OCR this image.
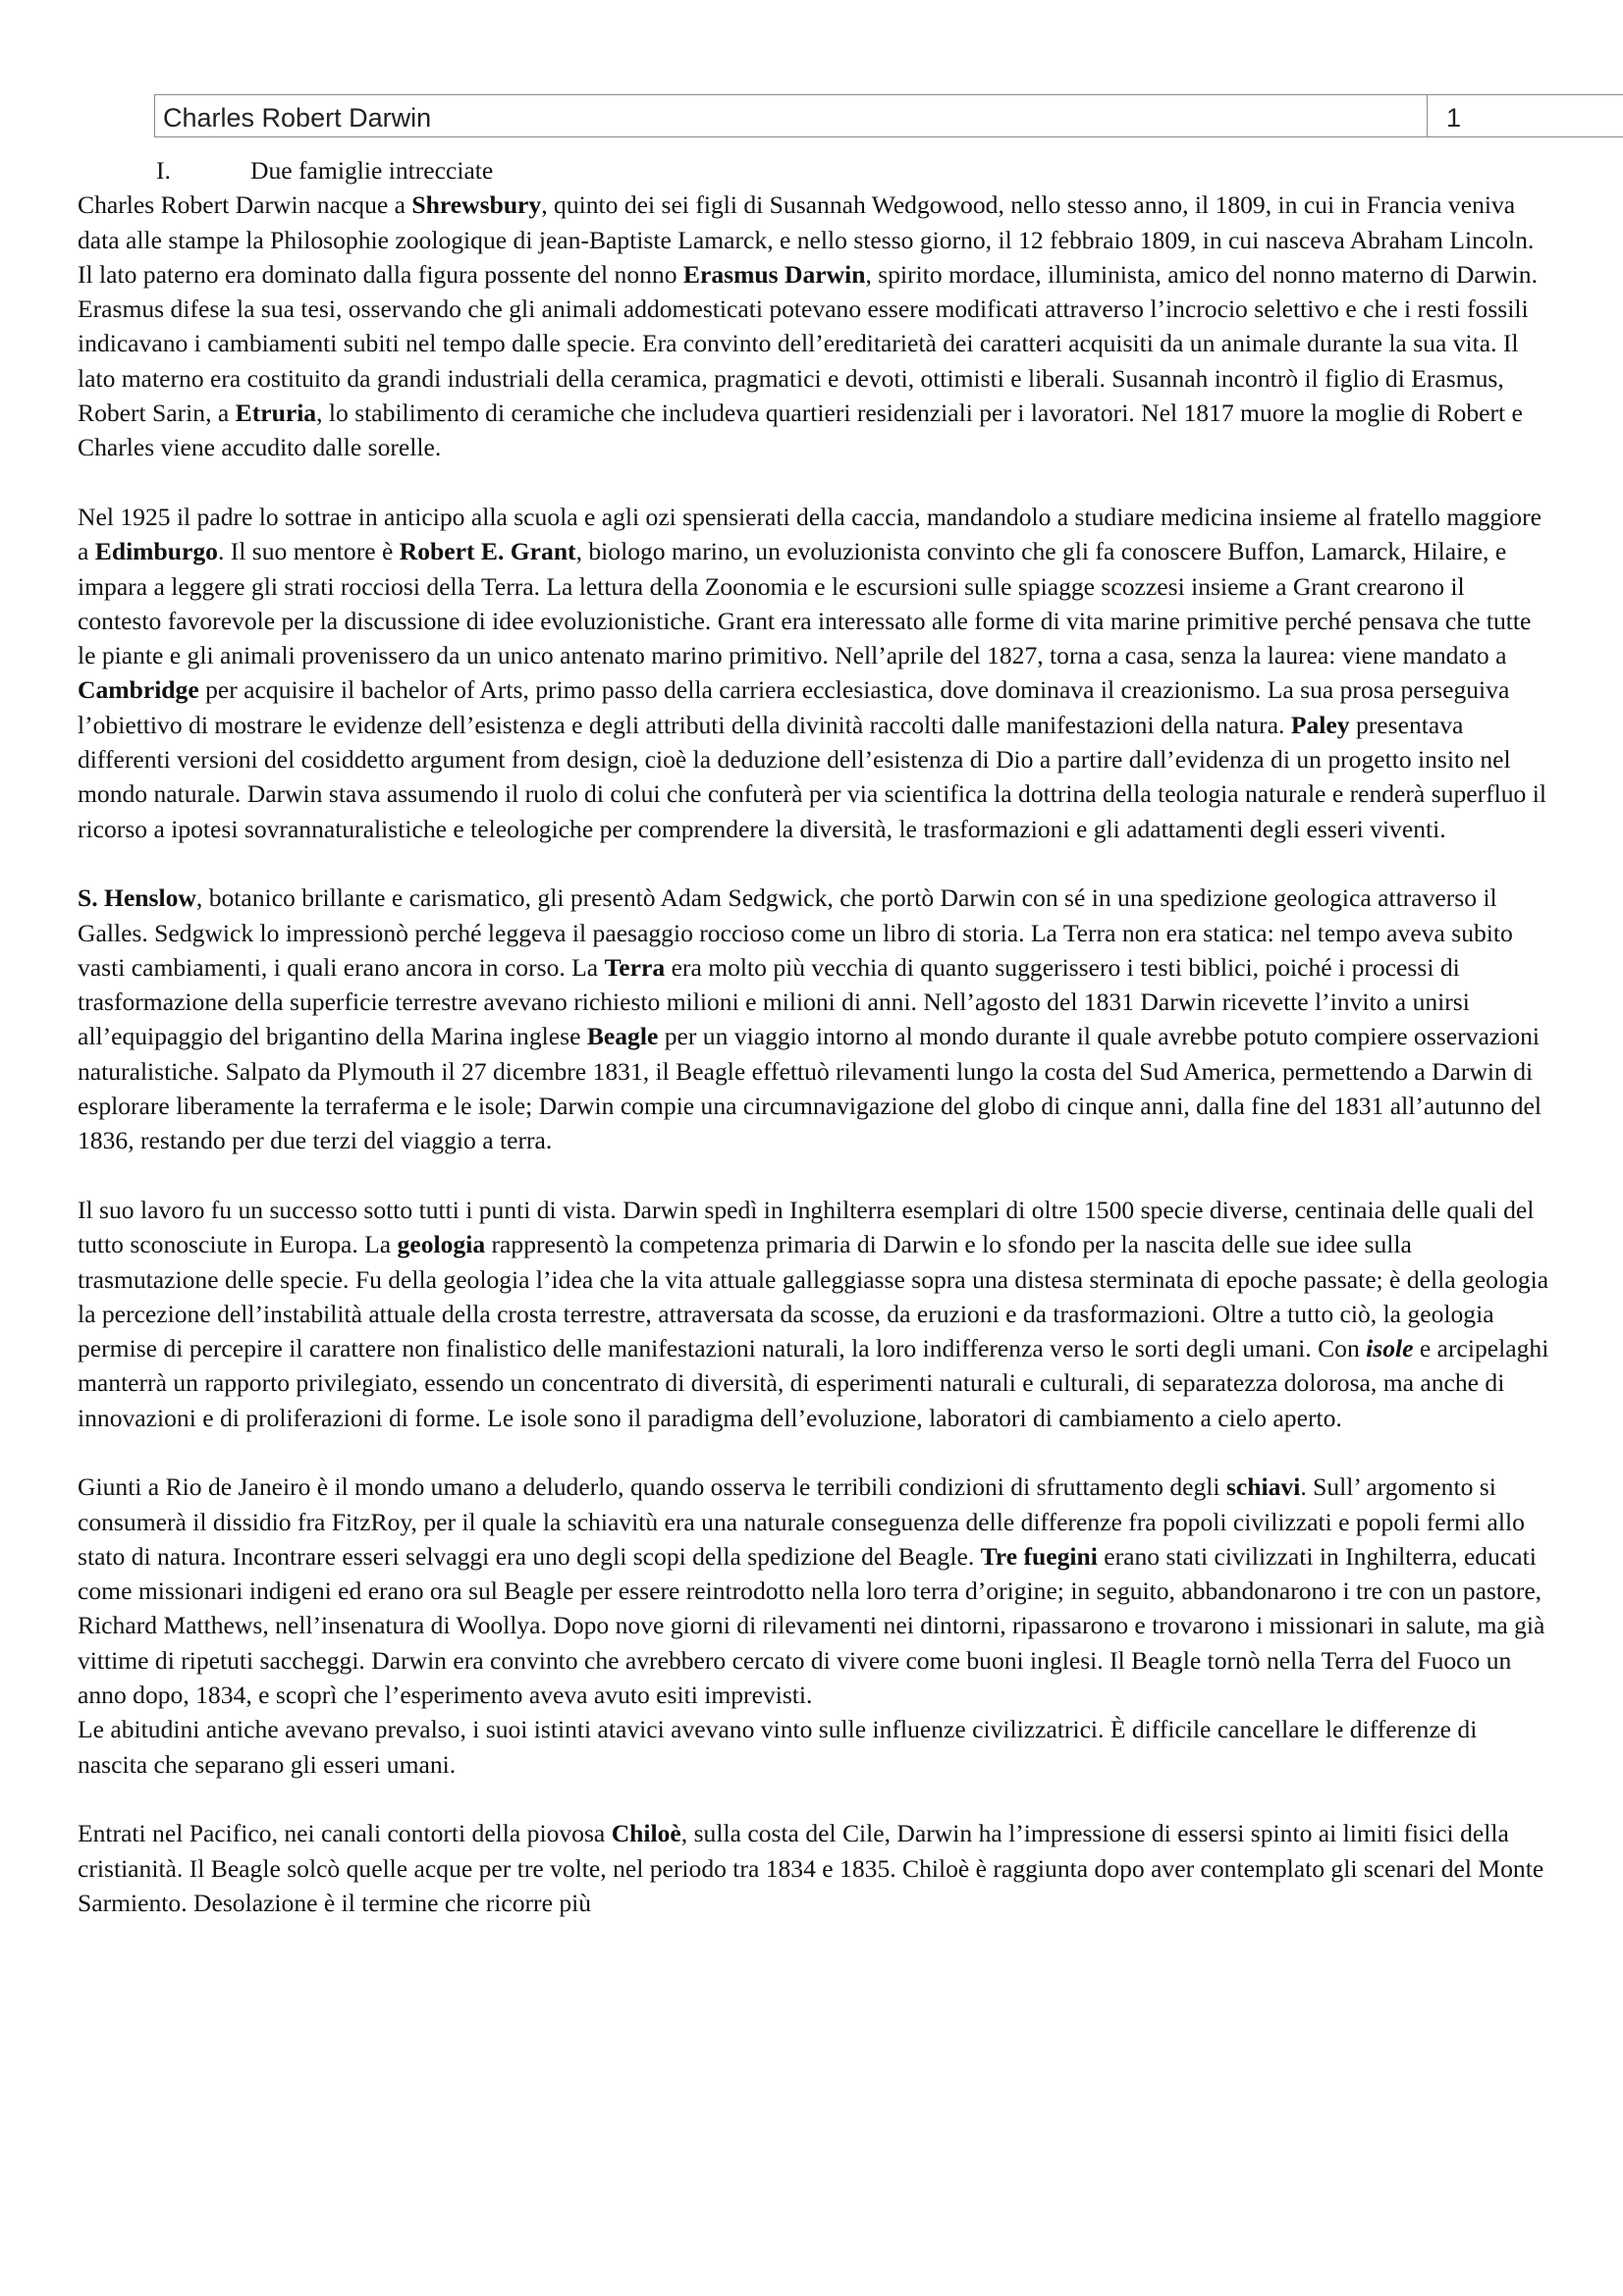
Charles Robert Darwin	1
I.	Due famiglie intrecciate

Charles Robert Darwin nacque a Shrewsbury, quinto dei sei figli di Susannah Wedgowood, nello stesso anno, il 1809, in cui in Francia veniva data alle stampe la Philosophie zoologique di jean-Baptiste Lamarck, e nello stesso giorno, il 12 febbraio 1809, in cui nasceva Abraham Lincoln. Il lato paterno era dominato dalla figura possente del nonno Erasmus Darwin, spirito mordace, illuminista, amico del nonno materno di Darwin. Erasmus difese la sua tesi, osservando che gli animali addomesticati potevano essere modificati attraverso l’incrocio selettivo e che i resti fossili indicavano i cambiamenti subiti nel tempo dalle specie. Era convinto dell’ereditarietà dei caratteri acquisiti da un animale durante la sua vita. Il lato materno era costituito da grandi industriali della ceramica, pragmatici e devoti, ottimisti e liberali. Susannah incontrò il figlio di Erasmus, Robert Sarin, a Etruria, lo stabilimento di ceramiche che includeva quartieri residenziali per i lavoratori. Nel 1817 muore la moglie di Robert e Charles viene accudito dalle sorelle.

Nel 1925 il padre lo sottrae in anticipo alla scuola e agli ozi spensierati della caccia, mandandolo a studiare medicina insieme al fratello maggiore a Edimburgo. Il suo mentore è Robert E. Grant, biologo marino, un evoluzionista convinto che gli fa conoscere Buffon, Lamarck, Hilaire, e impara a leggere gli strati rocciosi della Terra. La lettura della Zoonomia e le escursioni sulle spiagge scozzesi insieme a Grant crearono il contesto favorevole per la discussione di idee evoluzionistiche. Grant era interessato alle forme di vita marine primitive perché pensava che tutte le piante e gli animali provenissero da un unico antenato marino primitivo. Nell’aprile del 1827, torna a casa, senza la laurea: viene mandato a Cambridge per acquisire il bachelor of Arts, primo passo della carriera ecclesiastica, dove dominava il creazionismo. La sua prosa perseguiva l’obiettivo di mostrare le evidenze dell’esistenza e degli attributi della divinità raccolti dalle manifestazioni della natura. Paley presentava differenti versioni del cosiddetto argument from design, cioè la deduzione dell’esistenza di Dio a partire dall’evidenza di un progetto insito nel mondo naturale. Darwin stava assumendo il ruolo di colui che confuterà per via scientifica la dottrina della teologia naturale e renderà superfluo il ricorso a ipotesi sovrannaturalistiche e teleologiche per comprendere la diversità, le trasformazioni e gli adattamenti degli esseri viventi.

S. Henslow, botanico brillante e carismatico, gli presentò Adam Sedgwick, che portò Darwin con sé in una spedizione geologica attraverso il Galles. Sedgwick lo impressionò perché leggeva il paesaggio roccioso come un libro di storia. La Terra non era statica: nel tempo aveva subito vasti cambiamenti, i quali erano ancora in corso. La Terra era molto più vecchia di quanto suggerissero i testi biblici, poiché i processi di trasformazione della superficie terrestre avevano richiesto milioni e milioni di anni. Nell’agosto del 1831 Darwin ricevette l’invito a unirsi all’equipaggio del brigantino della Marina inglese Beagle per un viaggio intorno al mondo durante il quale avrebbe potuto compiere osservazioni naturalistiche. Salpato da Plymouth il 27 dicembre 1831, il Beagle effettuò rilevamenti lungo la costa del Sud America, permettendo a Darwin di esplorare liberamente la terraferma e le isole; Darwin compie una circumnavigazione del globo di cinque anni, dalla fine del 1831 all’autunno del 1836, restando per due terzi del viaggio a terra.

Il suo lavoro fu un successo sotto tutti i punti di vista. Darwin spedì in Inghilterra esemplari di oltre 1500 specie diverse, centinaia delle quali del tutto sconosciute in Europa. La geologia rappresentò la competenza primaria di Darwin e lo sfondo per la nascita delle sue idee sulla trasmutazione delle specie. Fu della geologia l’idea che la vita attuale galleggiasse sopra una distesa sterminata di epoche passate; è della geologia la percezione dell’instabilità attuale della crosta terrestre, attraversata da scosse, da eruzioni e da trasformazioni. Oltre a tutto ciò, la geologia permise di percepire il carattere non finalistico delle manifestazioni naturali, la loro indifferenza verso le sorti degli umani. Con isole e arcipelaghi manterrà un rapporto privilegiato, essendo un concentrato di diversità, di esperimenti naturali e culturali, di separatezza dolorosa, ma anche di innovazioni e di proliferazioni di forme. Le isole sono il paradigma dell’evoluzione, laboratori di cambiamento a cielo aperto.

Giunti a Rio de Janeiro è il mondo umano a deluderlo, quando osserva le terribili condizioni di sfruttamento degli schiavi. Sull’ argomento si consumerà il dissidio fra FitzRoy, per il quale la schiavitù era una naturale conseguenza delle differenze fra popoli civilizzati e popoli fermi allo stato di natura. Incontrare esseri selvaggi era uno degli scopi della spedizione del Beagle. Tre fuegini erano stati civilizzati in Inghilterra, educati come missionari indigeni ed erano ora sul Beagle per essere reintrodotto nella loro terra d’origine; in seguito, abbandonarono i tre con un pastore, Richard Matthews, nell’insenatura di Woollya. Dopo nove giorni di rilevamenti nei dintorni, ripassarono e trovarono i missionari in salute, ma già vittime di ripetuti saccheggi. Darwin era convinto che avrebbero cercato di vivere come buoni inglesi. Il Beagle tornò nella Terra del Fuoco un anno dopo, 1834, e scoprì che l’esperimento aveva avuto esiti imprevisti.

Le abitudini antiche avevano prevalso, i suoi istinti atavici avevano vinto sulle influenze civilizzatrici. È difficile cancellare le differenze di nascita che separano gli esseri umani.

Entrati nel Pacifico, nei canali contorti della piovosa Chiloè, sulla costa del Cile, Darwin ha l’impressione di essersi spinto ai limiti fisici della cristianità. Il Beagle solcò quelle acque per tre volte, nel periodo tra 1834 e 1835. Chiloè è raggiunta dopo aver contemplato gli scenari del Monte Sarmiento. Desolazione è il termine che ricorre più
